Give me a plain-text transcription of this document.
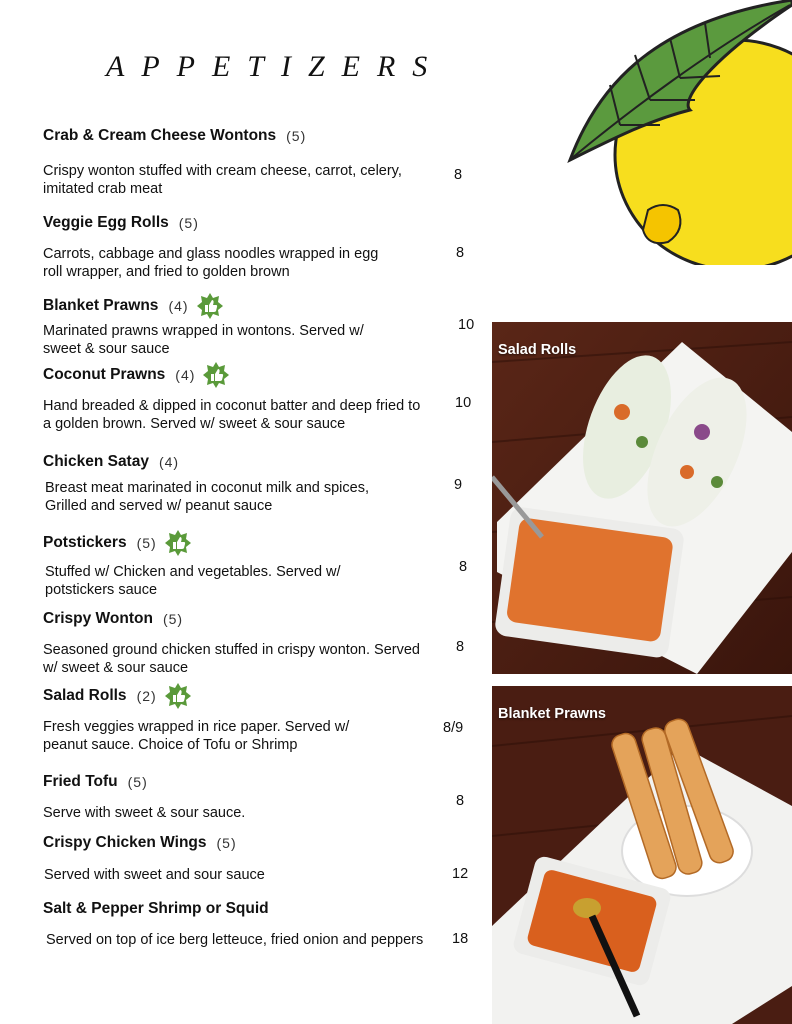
APPETIZERS
Crab & Cream Cheese Wontons (5)
Crispy wonton stuffed with cream cheese, carrot, celery,
imitated crab meat
8
Veggie Egg Rolls (5)
Carrots, cabbage and glass noodles wrapped in egg
roll wrapper, and fried to golden brown
8
Blanket Prawns (4)
Marinated prawns wrapped in wontons. Served w/
sweet & sour sauce
10
Coconut Prawns (4)
Hand breaded & dipped in coconut batter and deep fried to
a golden brown. Served w/ sweet & sour sauce
10
Chicken Satay (4)
Breast meat marinated in coconut milk and spices,
Grilled and served w/ peanut sauce
9
Potstickers (5)
Stuffed w/ Chicken and vegetables. Served w/
potstickers sauce
8
Crispy Wonton (5)
Seasoned ground chicken stuffed in crispy wonton. Served
w/ sweet & sour sauce
8
Salad Rolls (2)
Fresh veggies wrapped in rice paper. Served w/
peanut sauce. Choice of Tofu or Shrimp
8/9
Fried Tofu (5)
Serve with sweet & sour sauce.
8
Crispy Chicken Wings (5)
Served with sweet and sour sauce	12
Salt & Pepper Shrimp or Squid
Served on top of ice berg letteuce, fried onion and peppers 18
Salad Rolls
Blanket Prawns
